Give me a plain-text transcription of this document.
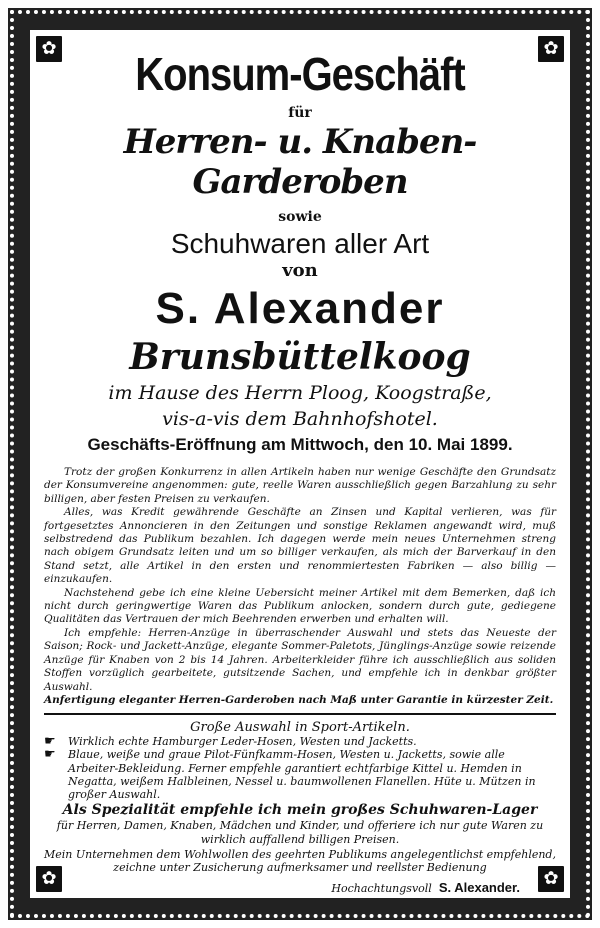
✿	✿
✿	✿
Konsum-Geschäft
für
Herren- u. Knaben-Garderoben
sowie
Schuhwaren aller Art
von
S. Alexander
Brunsbüttelkoog
im Hause des Herrn Ploog, Koogstraße,
vis-a-vis dem Bahnhofshotel.
Geschäfts-Eröffnung am Mittwoch, den 10. Mai 1899.

Trotz der großen Konkurrenz in allen Artikeln haben nur wenige Geschäfte den Grundsatz der Konsumvereine angenommen: gute, reelle Waren ausschließlich gegen Barzahlung zu sehr billigen, aber festen Preisen zu verkaufen.

Alles, was Kredit gewährende Geschäfte an Zinsen und Kapital verlieren, was für fortgesetztes Annoncieren in den Zeitungen und sonstige Reklamen angewandt wird, muß selbstredend das Publikum bezahlen. Ich dagegen werde mein neues Unternehmen streng nach obigem Grundsatz leiten und um so billiger verkaufen, als mich der Barverkauf in den Stand setzt, alle Artikel in den ersten und renommiertesten Fabriken — also billig — einzukaufen.

Nachstehend gebe ich eine kleine Uebersicht meiner Artikel mit dem Bemerken, daß ich nicht durch geringwertige Waren das Publikum anlocken, sondern durch gute, gediegene Qualitäten das Vertrauen der mich Beehrenden erwerben und erhalten will.

Ich empfehle: Herren-Anzüge in überraschender Auswahl und stets das Neueste der Saison; Rock- und Jackett-Anzüge, elegante Sommer-Paletots, Jünglings-Anzüge sowie reizende Anzüge für Knaben von 2 bis 14 Jahren. Arbeiterkleider führe ich ausschließlich aus soliden Stoffen vorzüglich gearbeitete, gutsitzende Sachen, und empfehle ich in denkbar größter Auswahl.

Anfertigung eleganter Herren-Garderoben nach Maß unter Garantie in kürzester Zeit.

Große Auswahl in Sport-Artikeln.
☛ Wirklich echte Hamburger Leder-Hosen, Westen und Jacketts.
☛ Blaue, weiße und graue Pilot-Fünfkamm-Hosen, Westen u. Jacketts, sowie alle Arbeiter-Bekleidung. Ferner empfehle garantiert echtfarbige Kittel u. Hemden in Negatta, weißem Halbleinen, Nessel u. baumwollenen Flanellen. Hüte u. Mützen in großer Auswahl.
Als Spezialität empfehle ich mein großes Schuhwaren-Lager
für Herren, Damen, Knaben, Mädchen und Kinder, und offeriere ich nur gute Waren zu wirklich auffallend billigen Preisen.
Mein Unternehmen dem Wohlwollen des geehrten Publikums angelegentlichst empfehlend, zeichne unter Zusicherung aufmerksamer und reellster Bedienung
Hochachtungsvoll S. Alexander.
